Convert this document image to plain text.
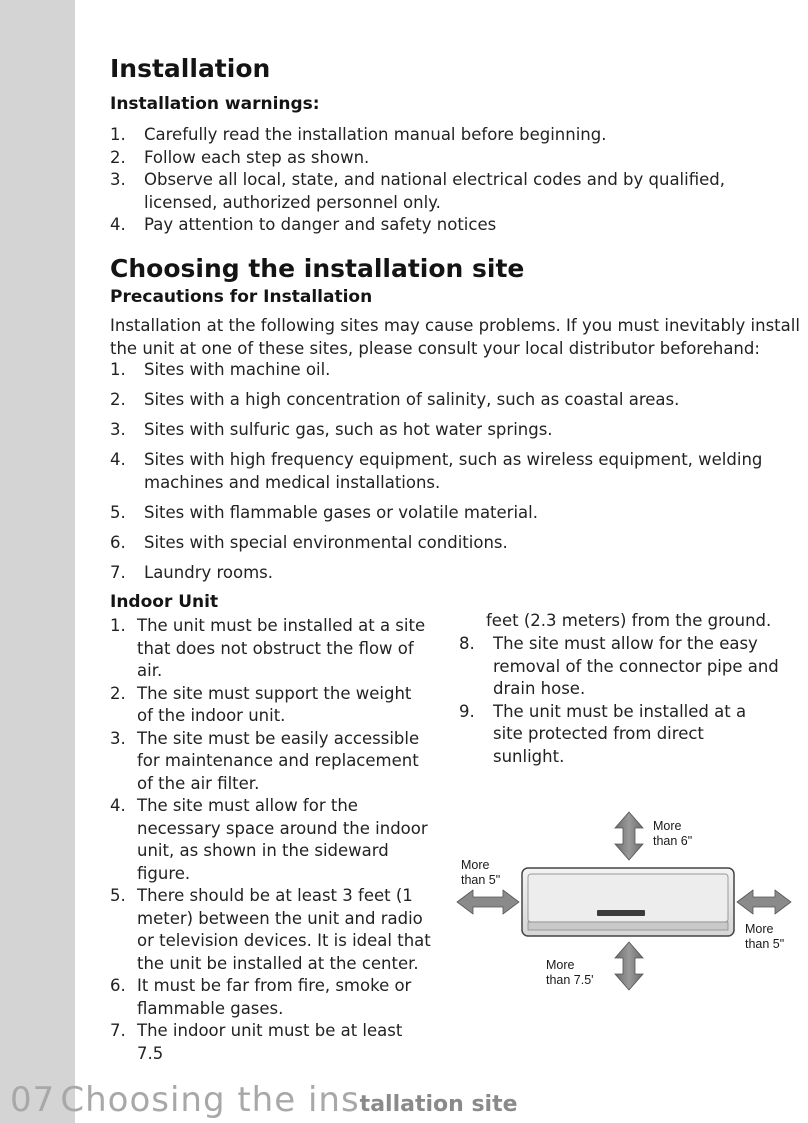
Installation
Installation warnings:
1. Carefully read the installation manual before beginning.
2. Follow each step as shown.
3. Observe all local, state, and national electrical codes and by qualified, licensed, authorized personnel only.
4. Pay attention to danger and safety notices
Choosing the installation site
Precautions for Installation

Installation at the following sites may cause problems. If you must inevitably install the unit at one of these sites, please consult your local distributor beforehand:

1. Sites with machine oil.
2. Sites with a high concentration of salinity, such as coastal areas.
3. Sites with sulfuric gas, such as hot water springs.
4. Sites with high frequency equipment, such as wireless equipment, welding machines and medical installations.
5. Sites with flammable gases or volatile material.
6. Sites with special environmental conditions.
7. Laundry rooms.
Indoor Unit
1. The unit must be installed at a site that does not obstruct the flow of air.
2. The site must support the weight of the indoor unit.
3. The site must be easily accessible for maintenance and replacement of the air filter.
4. The site must allow for the necessary space around the indoor unit, as shown in the sideward figure.
5. There should be at least 3 feet (1 meter) between the unit and radio or television devices. It is ideal that the unit be installed at the center.
6. It must be far from fire, smoke or flammable gases.
7. The indoor unit must be at least 7.5
feet (2.3 meters) from the ground.
8. The site must allow for the easy removal of the connector pipe and drain hose.
9. The unit must be installed at a site protected from direct sunlight.
More
than 6"
More
than 5"
More
than 5"
More
than 7.5'
07 Choosing the installation site
